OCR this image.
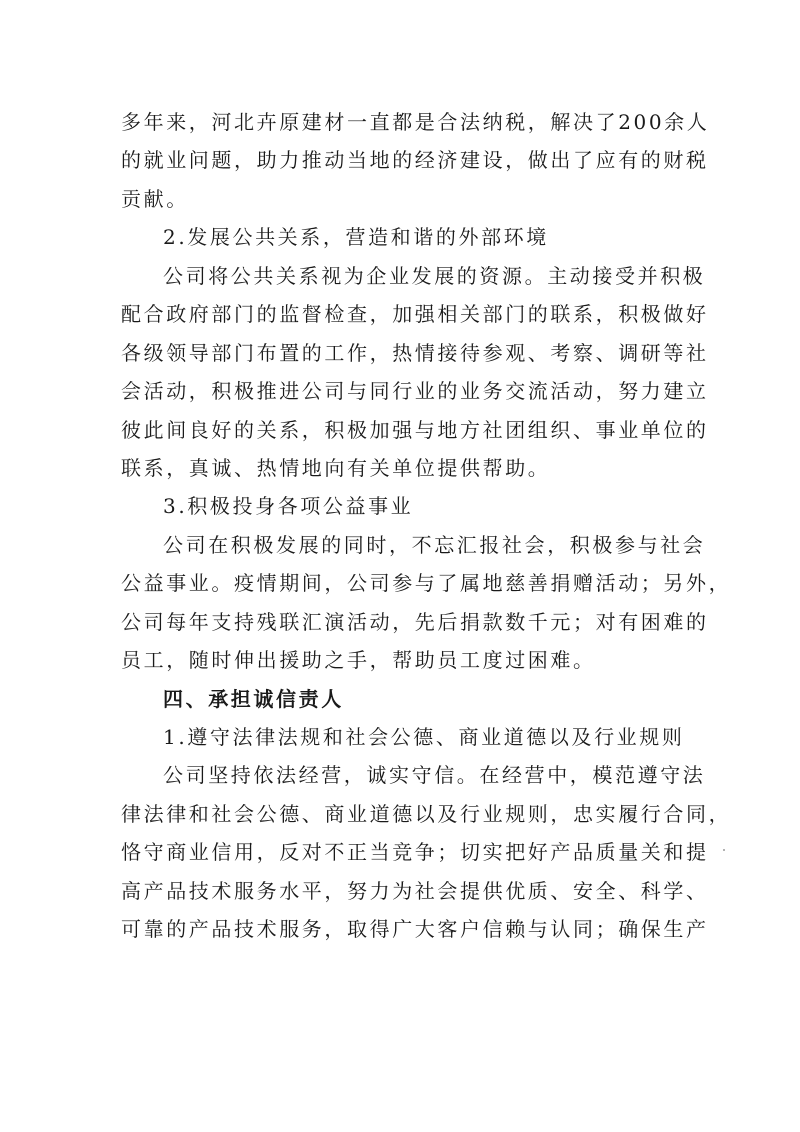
多年来，河北卉原建材一直都是合法纳税，解决了200余人
的就业问题，助力推动当地的经济建设，做出了应有的财税
贡献。
2.发展公共关系，营造和谐的外部环境
公司将公共关系视为企业发展的资源。主动接受并积极
配合政府部门的监督检查，加强相关部门的联系，积极做好
各级领导部门布置的工作，热情接待参观、考察、调研等社
会活动，积极推进公司与同行业的业务交流活动，努力建立
彼此间良好的关系，积极加强与地方社团组织、事业单位的
联系，真诚、热情地向有关单位提供帮助。
3.积极投身各项公益事业
公司在积极发展的同时，不忘汇报社会，积极参与社会
公益事业。疫情期间，公司参与了属地慈善捐赠活动；另外，
公司每年支持残联汇演活动，先后捐款数千元；对有困难的
员工，随时伸出援助之手，帮助员工度过困难。
四、承担诚信责人
1.遵守法律法规和社会公德、商业道德以及行业规则
公司坚持依法经营，诚实守信。在经营中，模范遵守法
律法律和社会公德、商业道德以及行业规则，忠实履行合同，
恪守商业信用，反对不正当竞争；切实把好产品质量关和提
高产品技术服务水平，努力为社会提供优质、安全、科学、
可靠的产品技术服务，取得广大客户信赖与认同；确保生产
